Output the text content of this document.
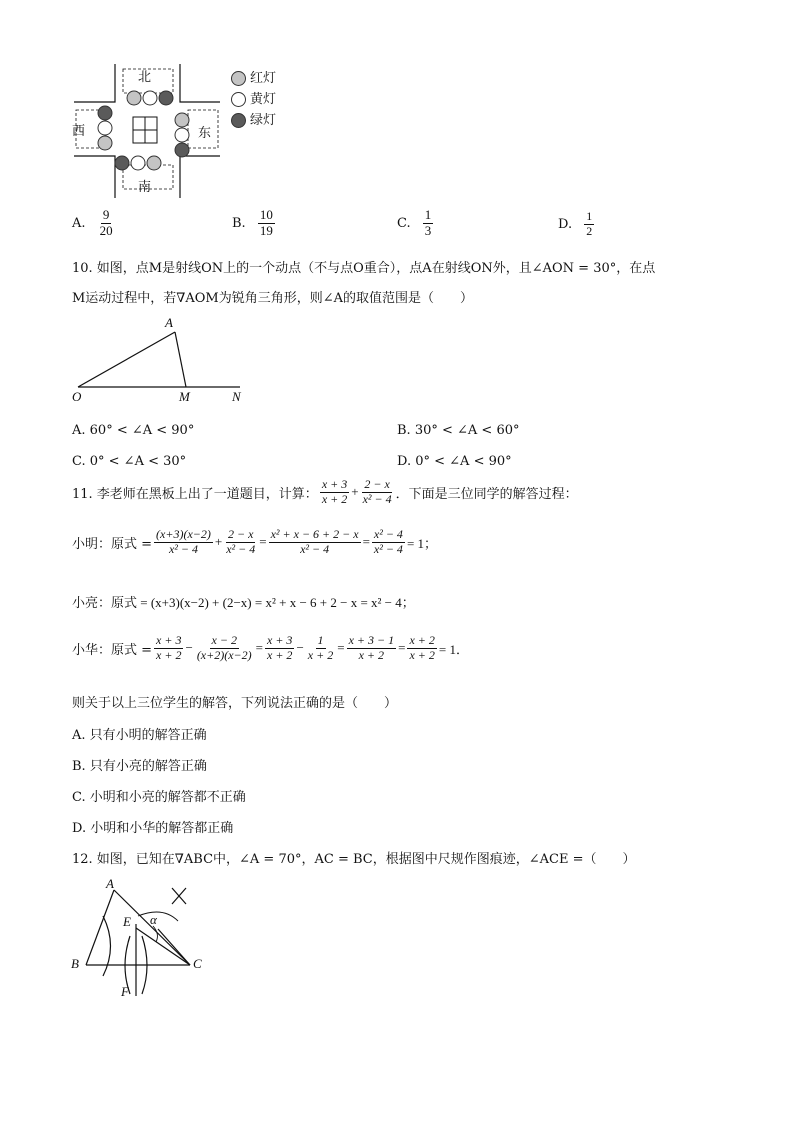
北
南
西	东
红灯
黄灯
绿灯
A. $\frac{9}{20}$	B. $\frac{10}{19}$	C. $\frac{1}{3}$	D. $\frac{1}{2}$
10. 如图，点M是射线ON上的一个动点（不与点O重合），点A在射线ON外，且∠AON = 30°，在点
M运动过程中，若∇AOM为锐角三角形，则∠A的取值范围是（　　）
A
O	M	N
A. 60° < ∠A < 90°	B. 30° < ∠A < 60°
C. 0° < ∠A < 30°	D. 0° < ∠A < 90°
11. 李老师在黑板上出了一道题目，计算： $\frac{x + 3}{x + 2} + \frac{2 - x}{\text{x² − 4}}$ ．下面是三位同学的解答过程：
小明：原式 = $\frac{(x+3)(x-2)}{\text{x² − 4}} + \frac{2 - x}{\text{x² − 4}} = \frac{\text{x² + x − 6 + 2 − x}}{\text{x² − 4}} = \frac{\text{x² − 4}}{\text{x² − 4}} = 1$；
小亮：原式 = (x+3)(x−2) + (2−x) = x² + x − 6 + 2 − x = x² − 4；
小华：原式 = $\frac{x + 3}{x + 2} - \frac{x - 2}{(x+2)(x-2)} = \frac{x + 3}{x + 2} - \frac{1}{x + 2} = \frac{x + 3 - 1}{x + 2} = \frac{x + 2}{x + 2} = 1$．
则关于以上三位学生的解答，下列说法正确的是（　　）
A. 只有小明的解答正确
B. 只有小亮的解答正确
C. 小明和小亮的解答都不正确
D. 小明和小华的解答都正确
12. 如图，已知在∇ABC中，∠A = 70°，AC = BC，根据图中尺规作图痕迹，∠ACE =（　　）
A
B	C
E
F
α
